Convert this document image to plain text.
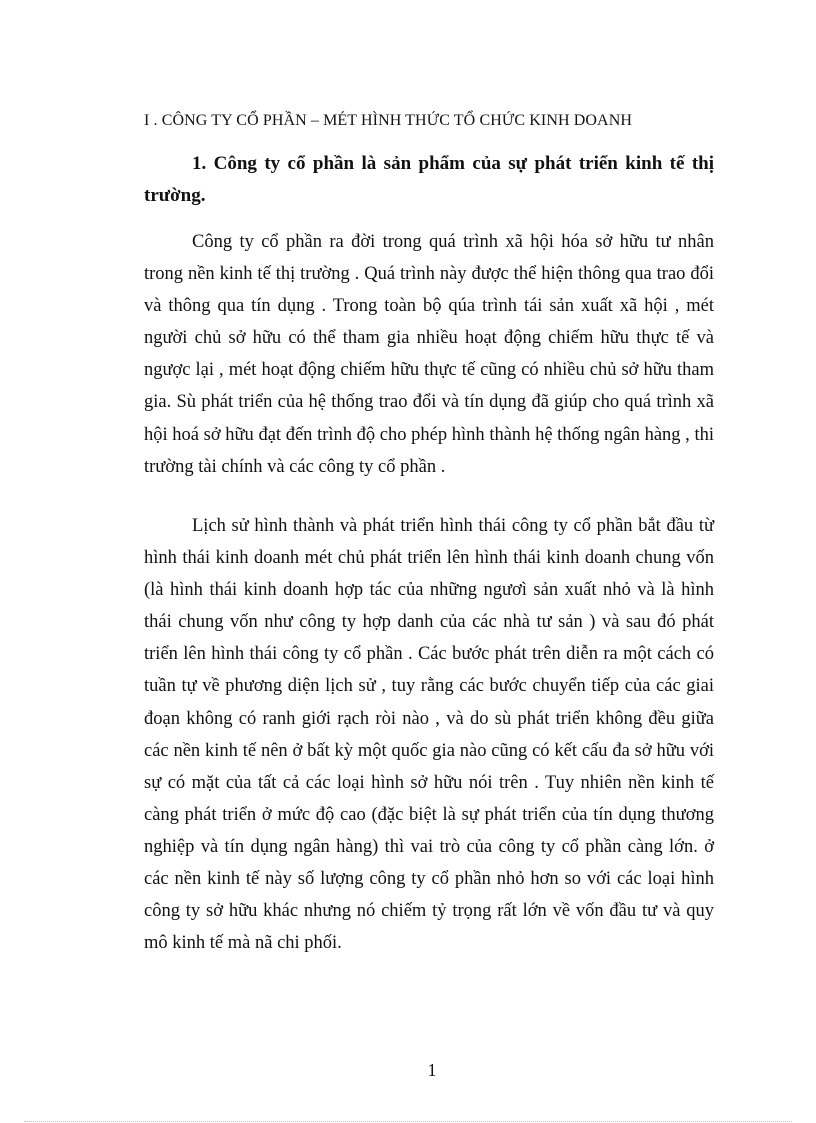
I . CÔNG TY CỔ PHẦN – MÉT HÌNH THỨC TỔ CHỨC KINH DOANH

1. Công ty cổ phần là sản phẩm của sự phát triển kinh tế thị trường.

Công ty cổ phần ra đời trong quá trình xã hội hóa sở hữu tư nhân trong nền kinh tế thị trường . Quá trình này được thể hiện thông qua trao đổi và thông qua tín dụng . Trong toàn bộ qúa trình tái sản xuất xã hội , mét người chủ sở hữu có thể tham gia nhiều hoạt động chiếm hữu thực tế và ngược lại , mét hoạt động chiếm hữu thực tế cũng có nhiều chủ sở hữu tham gia. Sù phát triển của hệ thống trao đổi và tín dụng đã giúp cho quá trình xã hội hoá sở hữu đạt đến trình độ cho phép hình thành hệ thống ngân hàng , thi trường tài chính và các công ty cổ phần .

Lịch sử hình thành và phát triển hình thái công ty cổ phần bắt đầu từ hình thái kinh doanh mét chủ phát triển lên hình thái kinh doanh chung vốn (là hình thái kinh doanh hợp tác của những ngươì sản xuất nhỏ và là hình thái chung vốn như công ty hợp danh của các nhà tư sản ) và sau đó phát triển lên hình thái công ty cổ phần . Các bước phát trên diễn ra một cách có tuần tự về phương diện lịch sử , tuy rằng các bước chuyển tiếp của các giai đoạn không có ranh giới rạch ròi nào , và do sù phát triển không đều giữa các nền kinh tế nên ở bất kỳ một quốc gia nào cũng có kết cấu đa sở hữu với sự có mặt của tất cả các loại hình sở hữu nói trên . Tuy nhiên nền kinh tế càng phát triển ở mức độ cao (đặc biệt là sự phát triển của tín dụng thương nghiệp và tín dụng ngân hàng) thì vai trò của công ty cổ phần càng lớn. ở các nền kinh tế này số lượng công ty cổ phần nhỏ hơn so với các loại hình công ty sở hữu khác nhưng nó chiếm tỷ trọng rất lớn về vốn đầu tư và quy mô kinh tế mà nã chi phối.

1
